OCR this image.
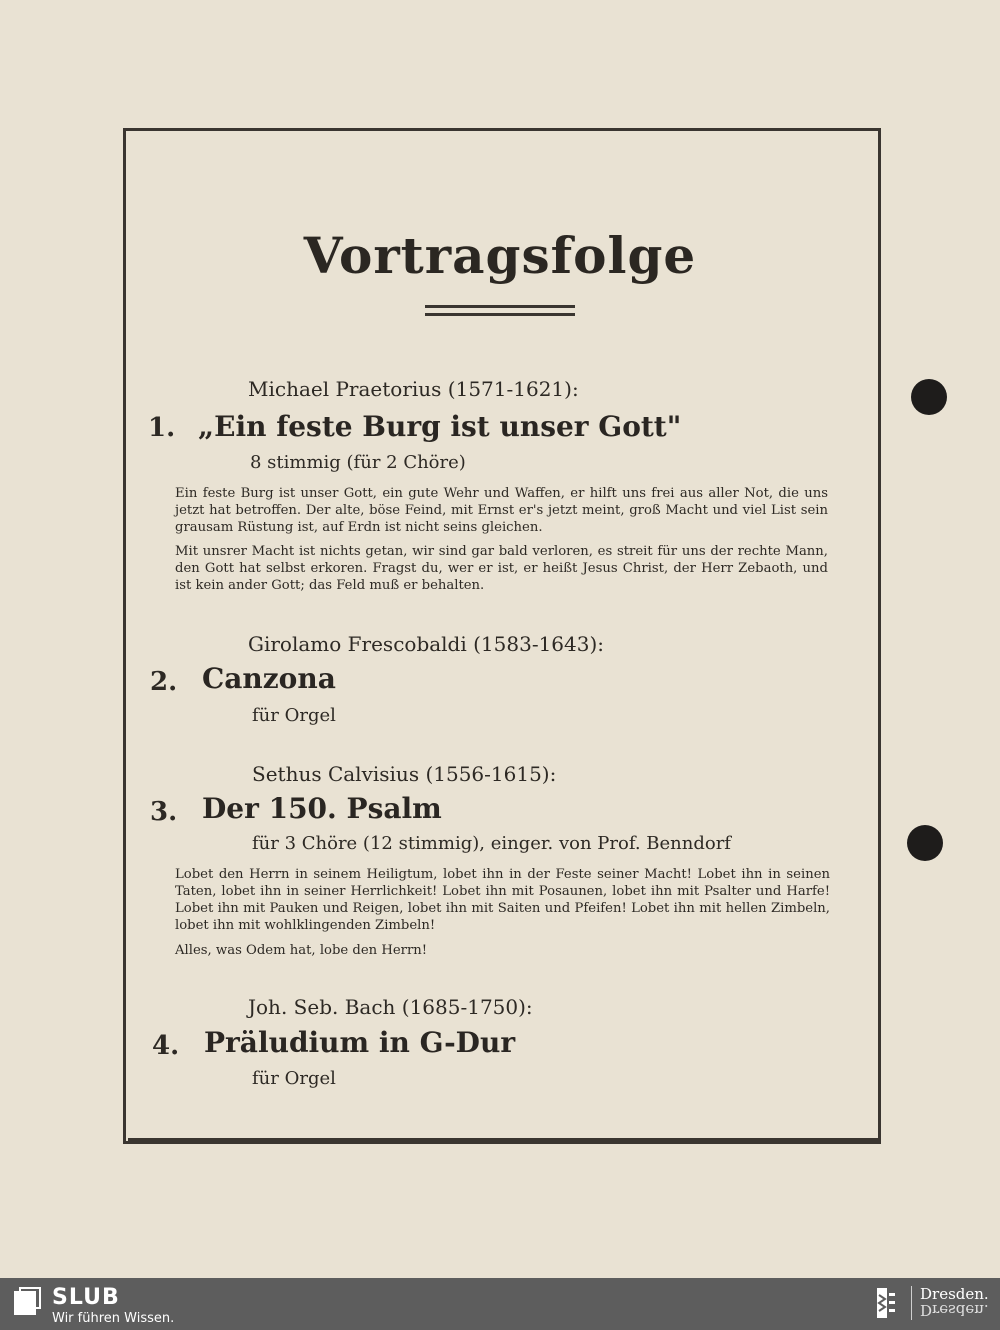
Vortragsfolge
Michael Praetorius (1571-1621):
1. „Ein feste Burg ist unser Gott"
8 stimmig (für 2 Chöre)
Ein feste Burg ist unser Gott, ein gute Wehr und Waffen, er hilft uns frei aus aller Not, die uns jetzt hat betroffen. Der alte, böse Feind, mit Ernst er's jetzt meint, groß Macht und viel List sein grausam Rüstung ist, auf Erdn ist nicht seins gleichen.
Mit unsrer Macht ist nichts getan, wir sind gar bald verloren, es streit für uns der rechte Mann, den Gott hat selbst erkoren. Fragst du, wer er ist, er heißt Jesus Christ, der Herr Zebaoth, und ist kein ander Gott; das Feld muß er behalten.
Girolamo Frescobaldi (1583-1643):
2. Canzona
für Orgel
Sethus Calvisius (1556-1615):
3. Der 150. Psalm
für 3 Chöre (12 stimmig), einger. von Prof. Benndorf
Lobet den Herrn in seinem Heiligtum, lobet ihn in der Feste seiner Macht! Lobet ihn in seinen Taten, lobet ihn in seiner Herrlichkeit! Lobet ihn mit Posaunen, lobet ihn mit Psalter und Harfe! Lobet ihn mit Pauken und Reigen, lobet ihn mit Saiten und Pfeifen! Lobet ihn mit hellen Zimbeln, lobet ihn mit wohlklingenden Zimbeln!
Alles, was Odem hat, lobe den Herrn!
Joh. Seb. Bach (1685-1750):
4. Präludium in G-Dur
für Orgel
SLUB
Wir führen Wissen.
Dresden.
Dresden.
